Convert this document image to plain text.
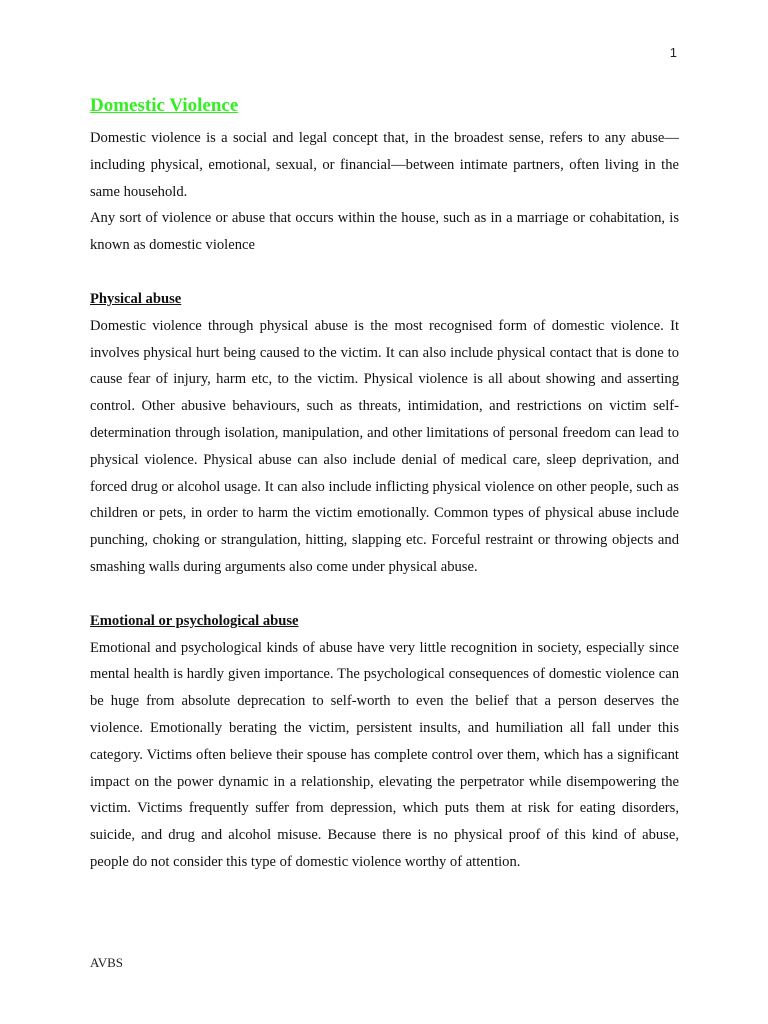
1
Domestic Violence

Domestic violence is a social and legal concept that, in the broadest sense, refers to any abuse—including physical, emotional, sexual, or financial—between intimate partners, often living in the same household.

Any sort of violence or abuse that occurs within the house, such as in a marriage or cohabitation, is known as domestic violence

Physical abuse

Domestic violence through physical abuse is the most recognised form of domestic violence. It involves physical hurt being caused to the victim. It can also include physical contact that is done to cause fear of injury, harm etc, to the victim. Physical violence is all about showing and asserting control. Other abusive behaviours, such as threats, intimidation, and restrictions on victim self-determination through isolation, manipulation, and other limitations of personal freedom can lead to physical violence. Physical abuse can also include denial of medical care, sleep deprivation, and forced drug or alcohol usage. It can also include inflicting physical violence on other people, such as children or pets, in order to harm the victim emotionally. Common types of physical abuse include punching, choking or strangulation, hitting, slapping etc. Forceful restraint or throwing objects and smashing walls during arguments also come under physical abuse.

Emotional or psychological abuse

Emotional and psychological kinds of abuse have very little recognition in society, especially since mental health is hardly given importance. The psychological consequences of domestic violence can be huge from absolute deprecation to self-worth to even the belief that a person deserves the violence. Emotionally berating the victim, persistent insults, and humiliation all fall under this category. Victims often believe their spouse has complete control over them, which has a significant impact on the power dynamic in a relationship, elevating the perpetrator while disempowering the victim. Victims frequently suffer from depression, which puts them at risk for eating disorders, suicide, and drug and alcohol misuse. Because there is no physical proof of this kind of abuse, people do not consider this type of domestic violence worthy of attention.

AVBS
